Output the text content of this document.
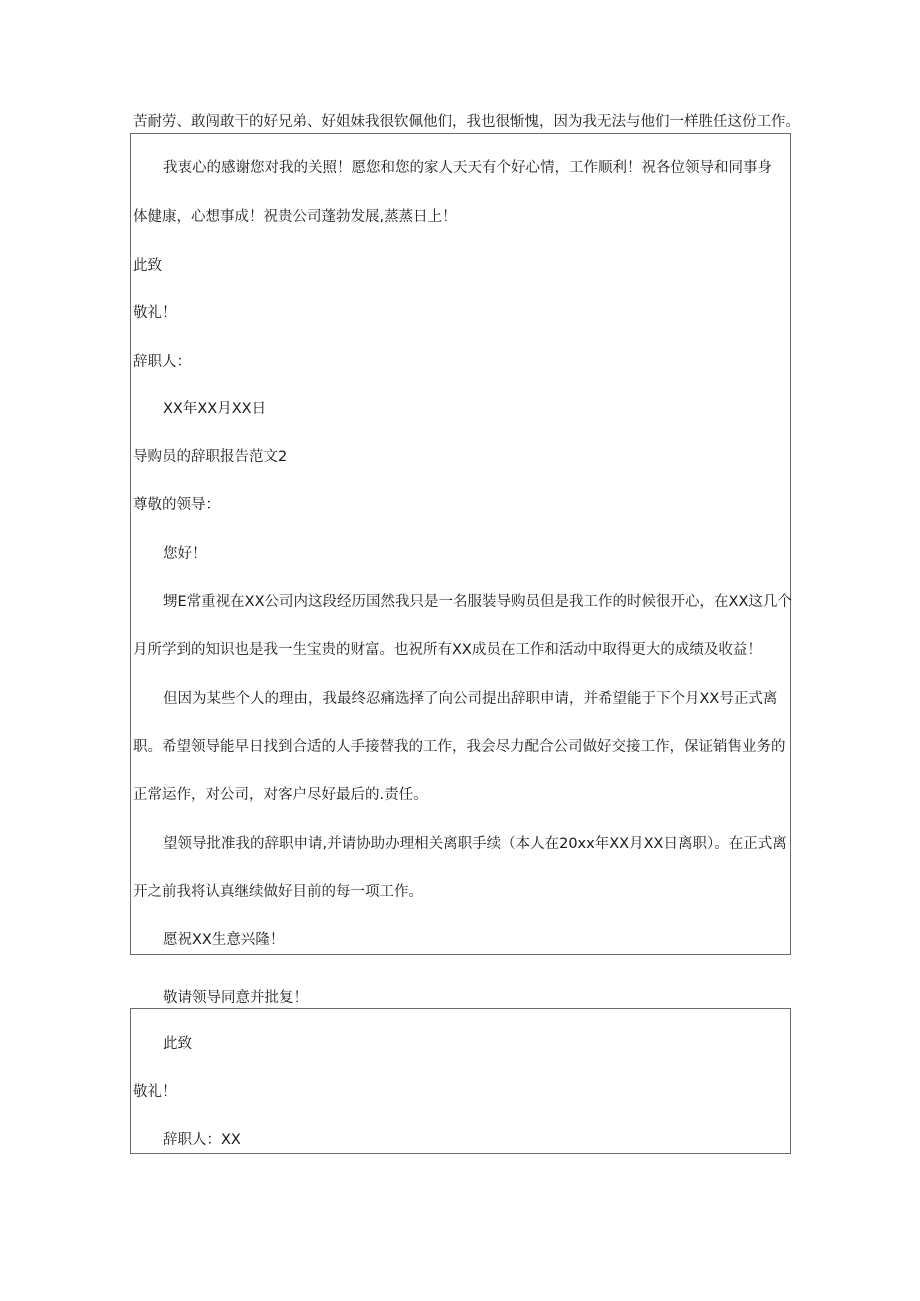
苦耐劳、敢闯敢干的好兄弟、好姐妹我很钦佩他们，我也很惭愧，因为我无法与他们一样胜任这份工作。
我衷心的感谢您对我的关照！愿您和您的家人天天有个好心情，工作顺利！祝各位领导和同事身
体健康，心想事成！祝贵公司蓬勃发展,蒸蒸日上！
此致
敬礼！
辞职人：
XX年XX月XX日
导购员的辞职报告范文2
尊敬的领导：
您好！
甥E常重视在XX公司内这段经历国然我只是一名服装导购员但是我工作的时候很开心，在XX这几个
月所学到的知识也是我一生宝贵的财富。也祝所有XX成员在工作和活动中取得更大的成绩及收益！
但因为某些个人的理由，我最终忍痛选择了向公司提出辞职申请，并希望能于下个月XX号正式离
职。希望领导能早日找到合适的人手接替我的工作，我会尽力配合公司做好交接工作，保证销售业务的
正常运作，对公司，对客户尽好最后的.责任。
望领导批准我的辞职申请,并请协助办理相关离职手续（本人在20xx年XX月XX日离职）。在正式离
开之前我将认真继续做好目前的每一项工作。
愿祝XX生意兴隆！
敬请领导同意并批复！
此致
敬礼！
辞职人：XX
